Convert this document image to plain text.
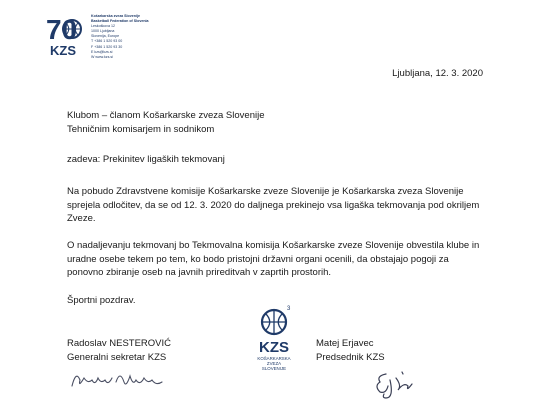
70
KZS
Košarkarska zveza Slovenije
Basketball Federation of Slovenia
Leskoškova 12
1000 Ljubljana
Slovenija, Europe
T +386 1 520 93 00
F +386 1 520 93 30
E kzs@kzs.si
W www.kzs.si
Ljubljana, 12. 3. 2020
Klubom – članom Košarkarske zveza Slovenije
Tehničnim komisarjem in sodnikom
zadeva: Prekinitev ligaških tekmovanj
Na pobudo Zdravstvene komisije Košarkarske zveze Slovenije je Košarkarska zveza Slovenije sprejela odločitev, da se od 12. 3. 2020 do daljnega prekinejo vsa ligaška tekmovanja pod okriljem Zveze.
O nadaljevanju tekmovanj bo Tekmovalna komisija Košarkarske zveze Slovenije obvestila klube in uradne osebe tekem po tem, ko bodo pristojni državni organi ocenili, da obstajajo pogoji za ponovno zbiranje oseb na javnih prireditvah v zaprtih prostorih.
Športni pozdrav.
Radoslav NESTEROVIĆ
Generalni sekretar KZS
Matej Erjavec
Predsednik KZS
3
KZS
KOŠARKARSKA
ZVEZA
SLOVENIJE
